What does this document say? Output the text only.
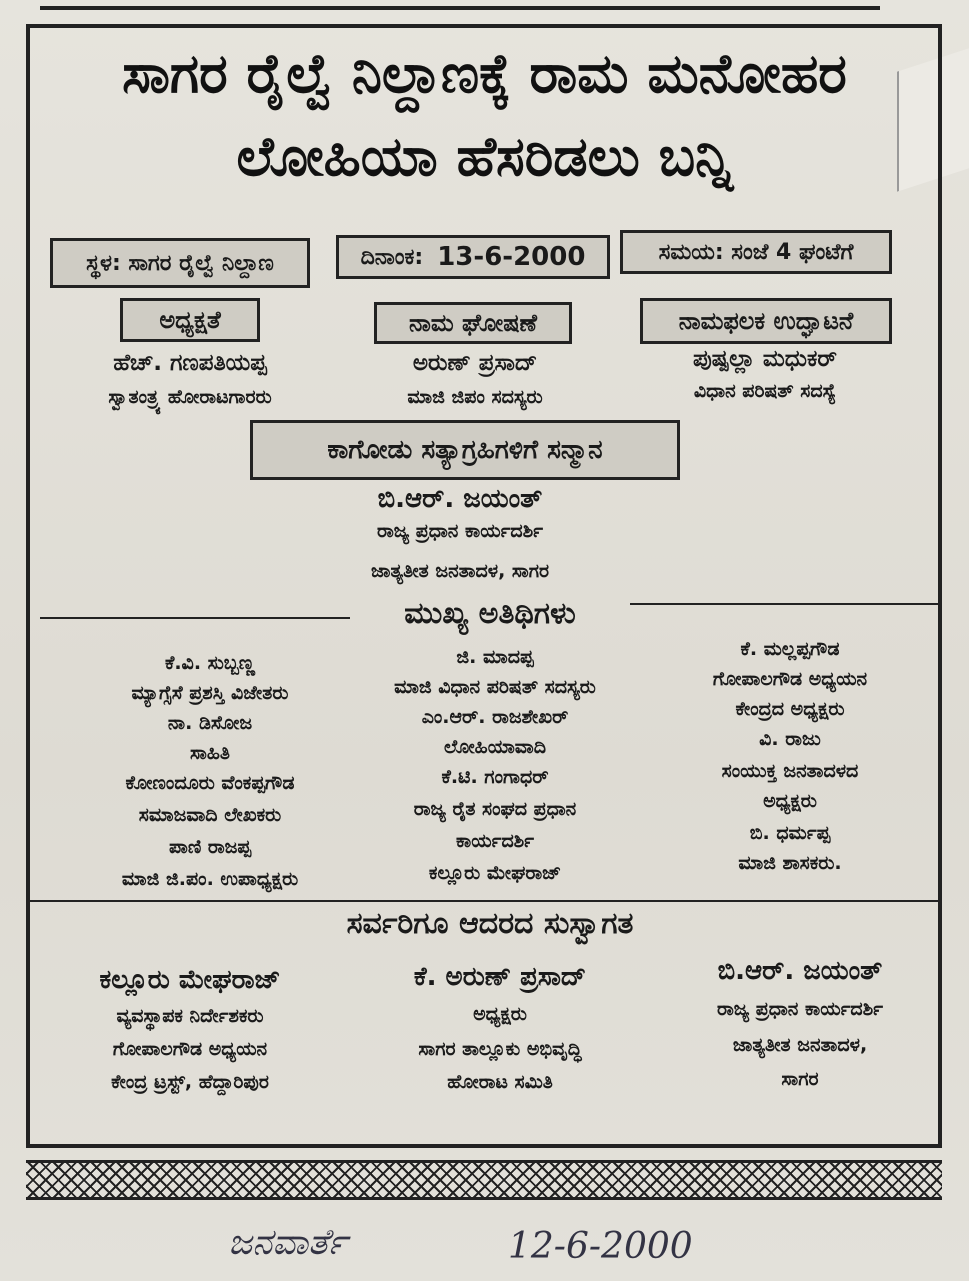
ಸಾಗರ ರೈಲ್ವೆ ನಿಲ್ದಾಣಕ್ಕೆ ರಾಮ ಮನೋಹರ
ಲೋಹಿಯಾ ಹೆಸರಿಡಲು ಬನ್ನಿ
ಸ್ಥಳ: ಸಾಗರ ರೈಲ್ವೆ ನಿಲ್ದಾಣ	ದಿನಾಂಕ: 13-6-2000	ಸಮಯ: ಸಂಜೆ 4 ಘಂಟೆಗೆ
ಅಧ್ಯಕ್ಷತೆ
ಹೆಚ್. ಗಣಪತಿಯಪ್ಪ
ಸ್ವಾತಂತ್ರ್ಯ ಹೋರಾಟಗಾರರು
ನಾಮ ಘೋಷಣೆ
ಅರುಣ್ ಪ್ರಸಾದ್
ಮಾಜಿ ಜಿಪಂ ಸದಸ್ಯರು
ನಾಮಫಲಕ ಉದ್ಘಾಟನೆ
ಪುಷ್ಪಲ್ಲಾ ಮಧುಕರ್
ವಿಧಾನ ಪರಿಷತ್ ಸದಸ್ಯೆ
ಕಾಗೋಡು ಸತ್ಯಾಗ್ರಹಿಗಳಿಗೆ ಸನ್ಮಾನ
ಬಿ.ಆರ್. ಜಯಂತ್
ರಾಜ್ಯ ಪ್ರಧಾನ ಕಾರ್ಯದರ್ಶಿ
ಜಾತ್ಯತೀತ ಜನತಾದಳ, ಸಾಗರ
ಮುಖ್ಯ ಅತಿಥಿಗಳು
ಕೆ.ವಿ. ಸುಬ್ಬಣ್ಣ
ಮ್ಯಾಗ್ಸೆಸೆ ಪ್ರಶಸ್ತಿ ವಿಜೇತರು
ನಾ. ಡಿಸೋಜ
ಸಾಹಿತಿ
ಕೋಣಂದೂರು ವೆಂಕಪ್ಪಗೌಡ
ಸಮಾಜವಾದಿ ಲೇಖಕರು
ಪಾಣಿ ರಾಜಪ್ಪ
ಮಾಜಿ ಜಿ.ಪಂ. ಉಪಾಧ್ಯಕ್ಷರು
ಜಿ. ಮಾದಪ್ಪ
ಮಾಜಿ ವಿಧಾನ ಪರಿಷತ್ ಸದಸ್ಯರು
ಎಂ.ಆರ್. ರಾಜಶೇಖರ್
ಲೋಹಿಯಾವಾದಿ
ಕೆ.ಟಿ. ಗಂಗಾಧರ್
ರಾಜ್ಯ ರೈತ ಸಂಘದ ಪ್ರಧಾನ
ಕಾರ್ಯದರ್ಶಿ
ಕಲ್ಲೂರು ಮೇಘರಾಜ್
ಕೆ. ಮಲ್ಲಪ್ಪಗೌಡ
ಗೋಪಾಲಗೌಡ ಅಧ್ಯಯನ
ಕೇಂದ್ರದ ಅಧ್ಯಕ್ಷರು
ವಿ. ರಾಜು
ಸಂಯುಕ್ತ ಜನತಾದಳದ
ಅಧ್ಯಕ್ಷರು
ಬಿ. ಧರ್ಮಪ್ಪ
ಮಾಜಿ ಶಾಸಕರು.
ಸರ್ವರಿಗೂ ಆದರದ ಸುಸ್ವಾಗತ
ಕಲ್ಲೂರು ಮೇಘರಾಜ್
ವ್ಯವಸ್ಥಾಪಕ ನಿರ್ದೇಶಕರು
ಗೋಪಾಲಗೌಡ ಅಧ್ಯಯನ
ಕೇಂದ್ರ ಟ್ರಸ್ಟ್, ಹೆದ್ದಾರಿಪುರ
ಕೆ. ಅರುಣ್ ಪ್ರಸಾದ್
ಅಧ್ಯಕ್ಷರು
ಸಾಗರ ತಾಲ್ಲೂಕು ಅಭಿವೃದ್ಧಿ
ಹೋರಾಟ ಸಮಿತಿ
ಬಿ.ಆರ್. ಜಯಂತ್
ರಾಜ್ಯ ಪ್ರಧಾನ ಕಾರ್ಯದರ್ಶಿ
ಜಾತ್ಯತೀತ ಜನತಾದಳ,
ಸಾಗರ
ಜನವಾರ್ತೆ	12-6-2000
